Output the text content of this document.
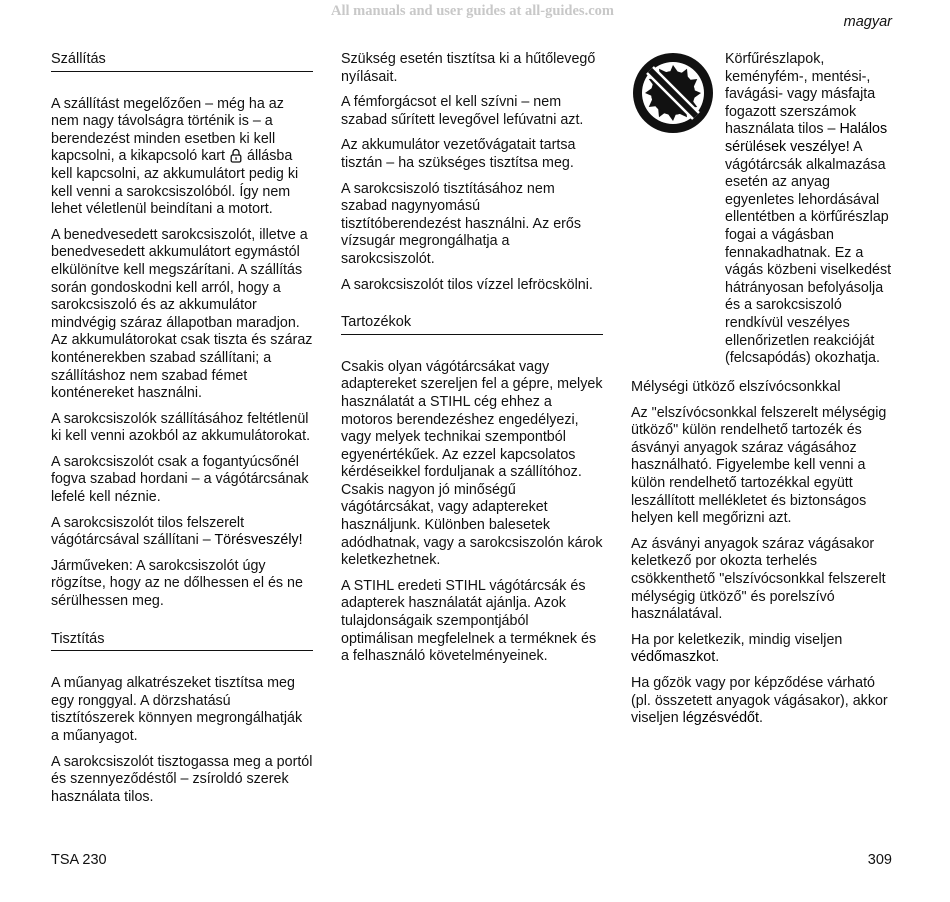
All manuals and user guides at all-guides.com
magyar
Szállítás

A szállítást megelőzően – még ha az nem nagy távolságra történik is – a berendezést minden esetben ki kell kapcsolni, a kikapcsoló kart állásba kell kapcsolni, az akkumulátort pedig ki kell venni a sarokcsiszolóból. Így nem lehet véletlenül beindítani a motort.

A benedvesedett sarokcsiszolót, illetve a benedvesedett akkumulátort egymástól elkülönítve kell megszárítani. A szállítás során gondoskodni kell arról, hogy a sarokcsiszoló és az akkumulátor mindvégig száraz állapotban maradjon. Az akkumulátorokat csak tiszta és száraz konténerekben szabad szállítani; a szállításhoz nem szabad fémet konténereket használni.

A sarokcsiszolók szállításához feltétlenül ki kell venni azokból az akkumulátorokat.

A sarokcsiszolót csak a fogantyúcsőnél fogva szabad hordani – a vágótárcsának lefelé kell néznie.

A sarokcsiszolót tilos felszerelt vágótárcsával szállítani – Törésveszély!

Járműveken: A sarokcsiszolót úgy rögzítse, hogy az ne dőlhessen el és ne sérülhessen meg.

Tisztítás

A műanyag alkatrészeket tisztítsa meg egy ronggyal. A dörzshatású tisztítószerek könnyen megrongálhatják a műanyagot.

A sarokcsiszolót tisztogassa meg a portól és szennyeződéstől – zsíroldó szerek használata tilos.

Szükség esetén tisztítsa ki a hűtőlevegő nyílásait.

A fémforgácsot el kell szívni – nem szabad sűrített levegővel lefúvatni azt.

Az akkumulátor vezetővágatait tartsa tisztán – ha szükséges tisztítsa meg.

A sarokcsiszoló tisztításához nem szabad nagynyomású tisztítóberendezést használni. Az erős vízsugár megrongálhatja a sarokcsiszolót.

A sarokcsiszolót tilos vízzel lefröcskölni.

Tartozékok

Csakis olyan vágótárcsákat vagy adaptereket szereljen fel a gépre, melyek használatát a STIHL cég ehhez a motoros berendezéshez engedélyezi, vagy melyek technikai szempontból egyenértékűek. Az ezzel kapcsolatos kérdéseikkel forduljanak a szállítóhoz. Csakis nagyon jó minőségű vágótárcsákat, vagy adaptereket használjunk. Különben balesetek adódhatnak, vagy a sarokcsiszolón károk keletkezhetnek.

A STIHL eredeti STIHL vágótárcsák és adapterek használatát ajánlja. Azok tulajdonságaik szempontjából optimálisan megfelelnek a terméknek és a felhasználó követelményeinek.

Körfűrészlapok, keményfém-, mentési-, favágási- vagy másfajta fogazott szerszámok használata tilos – Halálos sérülések veszélye! A vágótárcsák alkalmazása esetén az anyag egyenletes lehordásával ellentétben a körfűrészlap fogai a vágásban fennakadhatnak. Ez a vágás közbeni viselkedést hátrányosan befolyásolja és a sarokcsiszoló rendkívül veszélyes ellenőrizetlen reakcióját (felcsapódás) okozhatja.

Mélységi ütköző elszívócsonkkal

Az "elszívócsonkkal felszerelt mélységig ütköző" külön rendelhető tartozék és ásványi anyagok száraz vágásához használható. Figyelembe kell venni a külön rendelhető tartozékkal együtt leszállított mellékletet és biztonságos helyen kell megőrizni azt.

Az ásványi anyagok száraz vágásakor keletkező por okozta terhelés csökkenthető "elszívócsonkkal felszerelt mélységig ütköző" és porelszívó használatával.

Ha por keletkezik, mindig viseljen védőmaszkot.

Ha gőzök vagy por képződése várható (pl. összetett anyagok vágásakor), akkor viseljen légzésvédőt.

TSA 230	309
